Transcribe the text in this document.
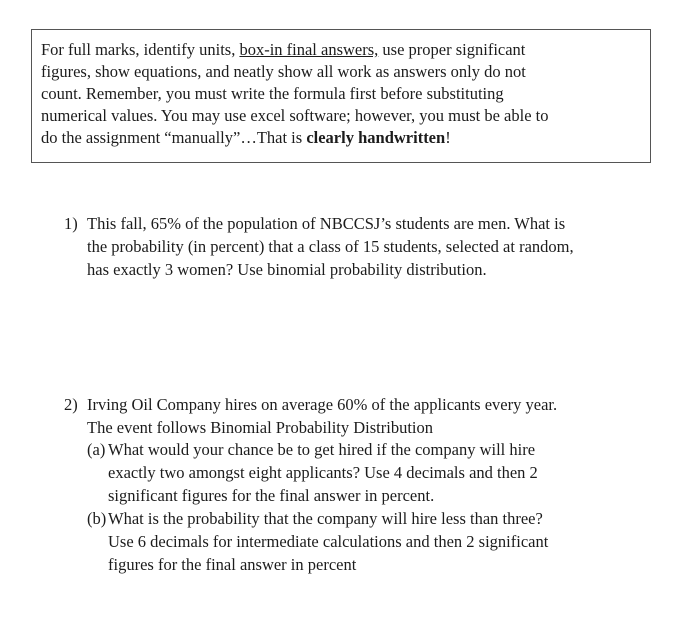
For full marks, identify units, box-in final answers, use proper significant
figures, show equations, and neatly show all work as answers only do not
count. Remember, you must write the formula first before substituting
numerical values. You may use excel software; however, you must be able to
do the assignment “manually”…That is clearly handwritten!
1) This fall, 65% of the population of NBCCSJ’s students are men. What is
the probability (in percent) that a class of 15 students, selected at random,
has exactly 3 women? Use binomial probability distribution.
2) Irving Oil Company hires on average 60% of the applicants every year.
The event follows Binomial Probability Distribution
(a) What would your chance be to get hired if the company will hire
exactly two amongst eight applicants? Use 4 decimals and then 2
significant figures for the final answer in percent.
(b) What is the probability that the company will hire less than three?
Use 6 decimals for intermediate calculations and then 2 significant
figures for the final answer in percent
